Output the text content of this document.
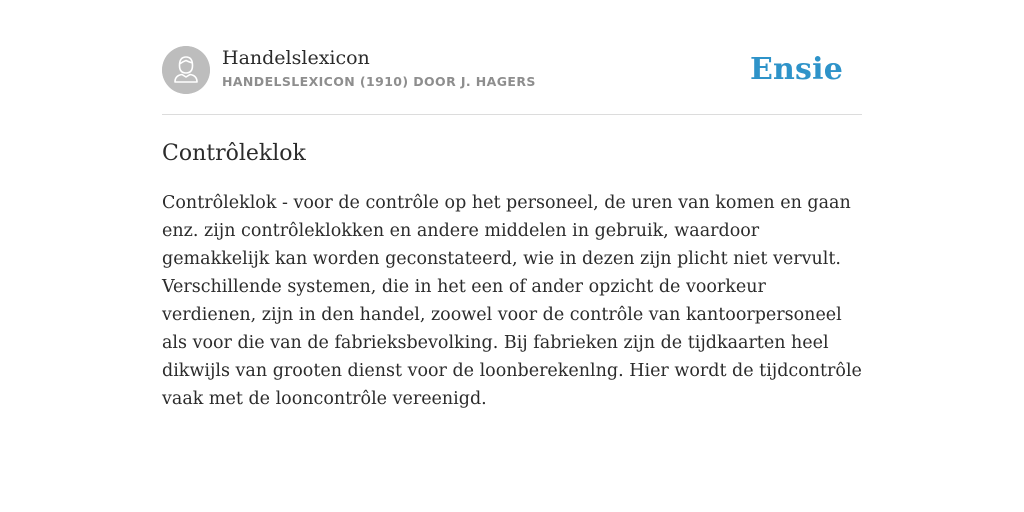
Handelslexicon
HANDELSLEXICON (1910) DOOR J. HAGERS	Ensie
Contrôleklok

Contrôleklok - voor de contrôle op het personeel, de uren van komen en gaan enz. zijn contrôleklokken en andere middelen in gebruik, waardoor gemakkelijk kan worden geconstateerd, wie in dezen zijn plicht niet vervult. Verschillende systemen, die in het een of ander opzicht de voorkeur verdienen, zijn in den handel, zoowel voor de contrôle van kantoorpersoneel als voor die van de fabrieksbevolking. Bij fabrieken zijn de tijdkaarten heel dikwijls van grooten dienst voor de loonberekenlng. Hier wordt de tijdcontrôle vaak met de looncontrôle vereenigd.
